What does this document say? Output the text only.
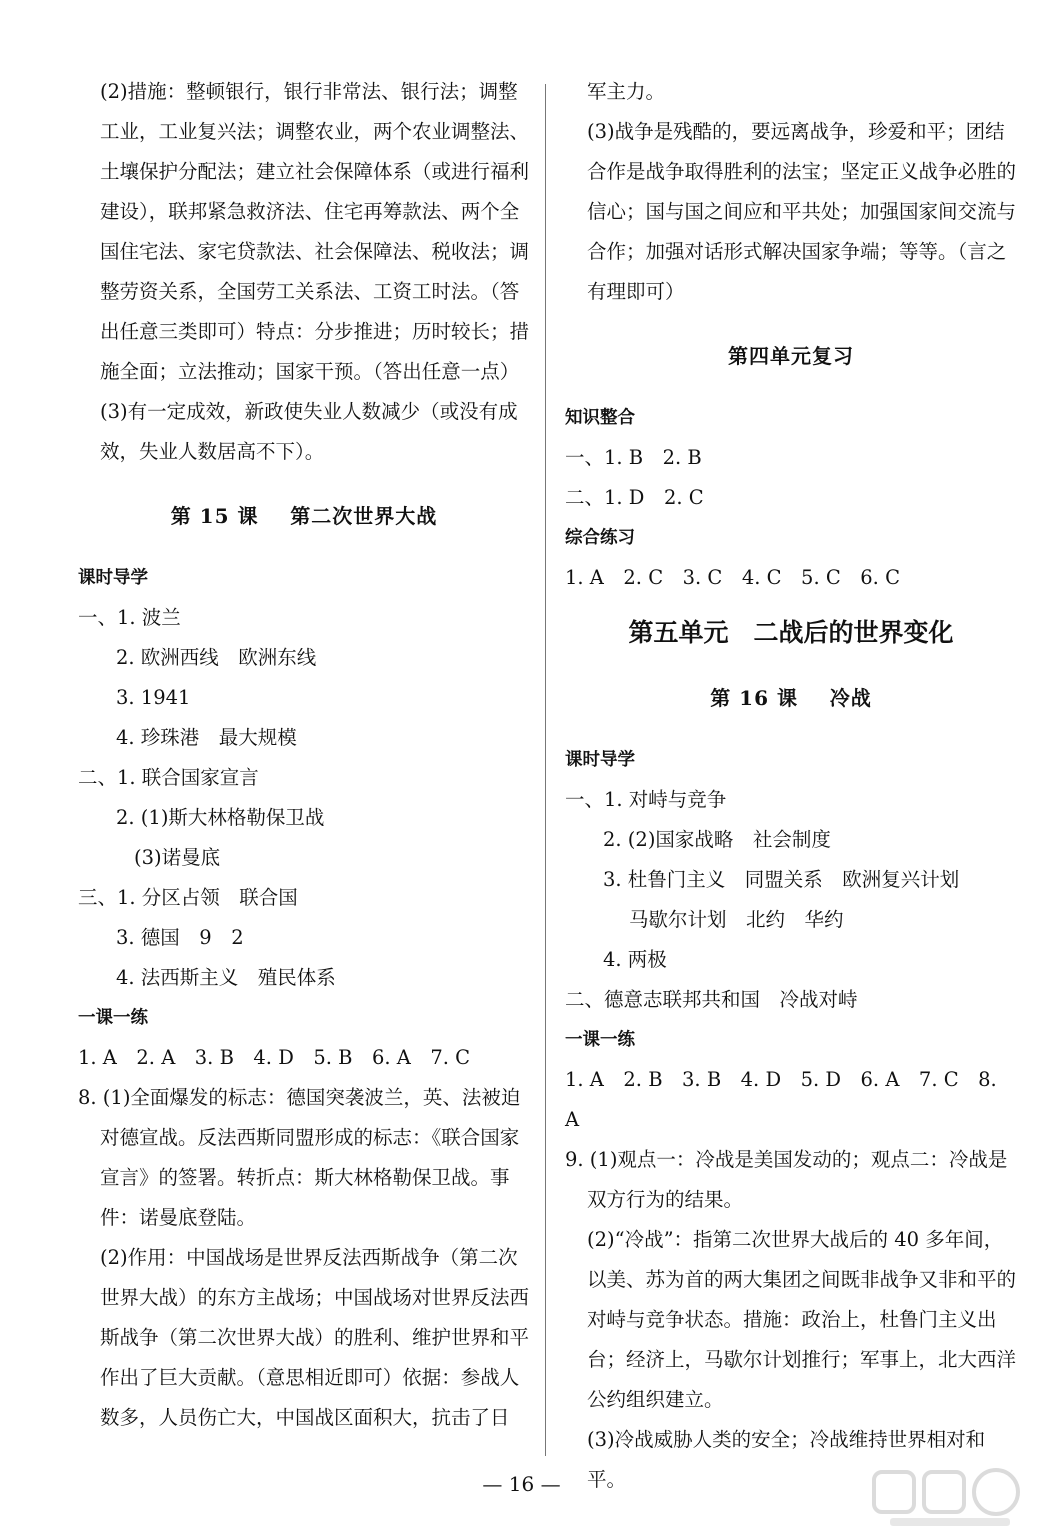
(2)措施：整顿银行，银行非常法、银行法；调整工业，工业复兴法；调整农业，两个农业调整法、土壤保护分配法；建立社会保障体系（或进行福利建设），联邦紧急救济法、住宅再筹款法、两个全国住宅法、家宅贷款法、社会保障法、税收法；调整劳资关系，全国劳工关系法、工资工时法。（答出任意三类即可）特点：分步推进；历时较长；措施全面；立法推动；国家干预。（答出任意一点）

(3)有一定成效，新政使失业人数减少（或没有成效，失业人数居高不下）。

第 15 课    第二次世界大战
课时导学

一、1. 波兰

2. 欧洲西线　欧洲东线

3. 1941

4. 珍珠港　最大规模

二、1. 联合国家宣言

2. (1)斯大林格勒保卫战

(3)诺曼底

三、1. 分区占领　联合国

3. 德国　9　2

4. 法西斯主义　殖民体系

一课一练

1. A　2. A　3. B　4. D　5. B　6. A　7. C

8. (1)全面爆发的标志：德国突袭波兰，英、法被迫对德宣战。反法西斯同盟形成的标志：《联合国家宣言》的签署。转折点：斯大林格勒保卫战。事件：诺曼底登陆。

(2)作用：中国战场是世界反法西斯战争（第二次世界大战）的东方主战场；中国战场对世界反法西斯战争（第二次世界大战）的胜利、维护世界和平作出了巨大贡献。（意思相近即可）依据：参战人数多，人员伤亡大，中国战区面积大，抗击了日

军主力。

(3)战争是残酷的，要远离战争，珍爱和平；团结合作是战争取得胜利的法宝；坚定正义战争必胜的信心；国与国之间应和平共处；加强国家间交流与合作；加强对话形式解决国家争端；等等。（言之有理即可）

第四单元复习
知识整合

一、1. B　2. B

二、1. D　2. C

综合练习

1. A　2. C　3. C　4. C　5. C　6. C

第五单元　二战后的世界变化
第 16 课    冷战
课时导学

一、1. 对峙与竞争

2. (2)国家战略　社会制度

3. 杜鲁门主义　同盟关系　欧洲复兴计划

马歇尔计划　北约　华约

4. 两极

二、德意志联邦共和国　冷战对峙

一课一练

1. A　2. B　3. B　4. D　5. D　6. A　7. C　8. A

9. (1)观点一：冷战是美国发动的；观点二：冷战是双方行为的结果。

(2)“冷战”：指第二次世界大战后的 40 多年间，以美、苏为首的两大集团之间既非战争又非和平的对峙与竞争状态。措施：政治上，杜鲁门主义出台；经济上，马歇尔计划推行；军事上，北大西洋公约组织建立。

(3)冷战威胁人类的安全；冷战维持世界相对和平。

— 16 —
